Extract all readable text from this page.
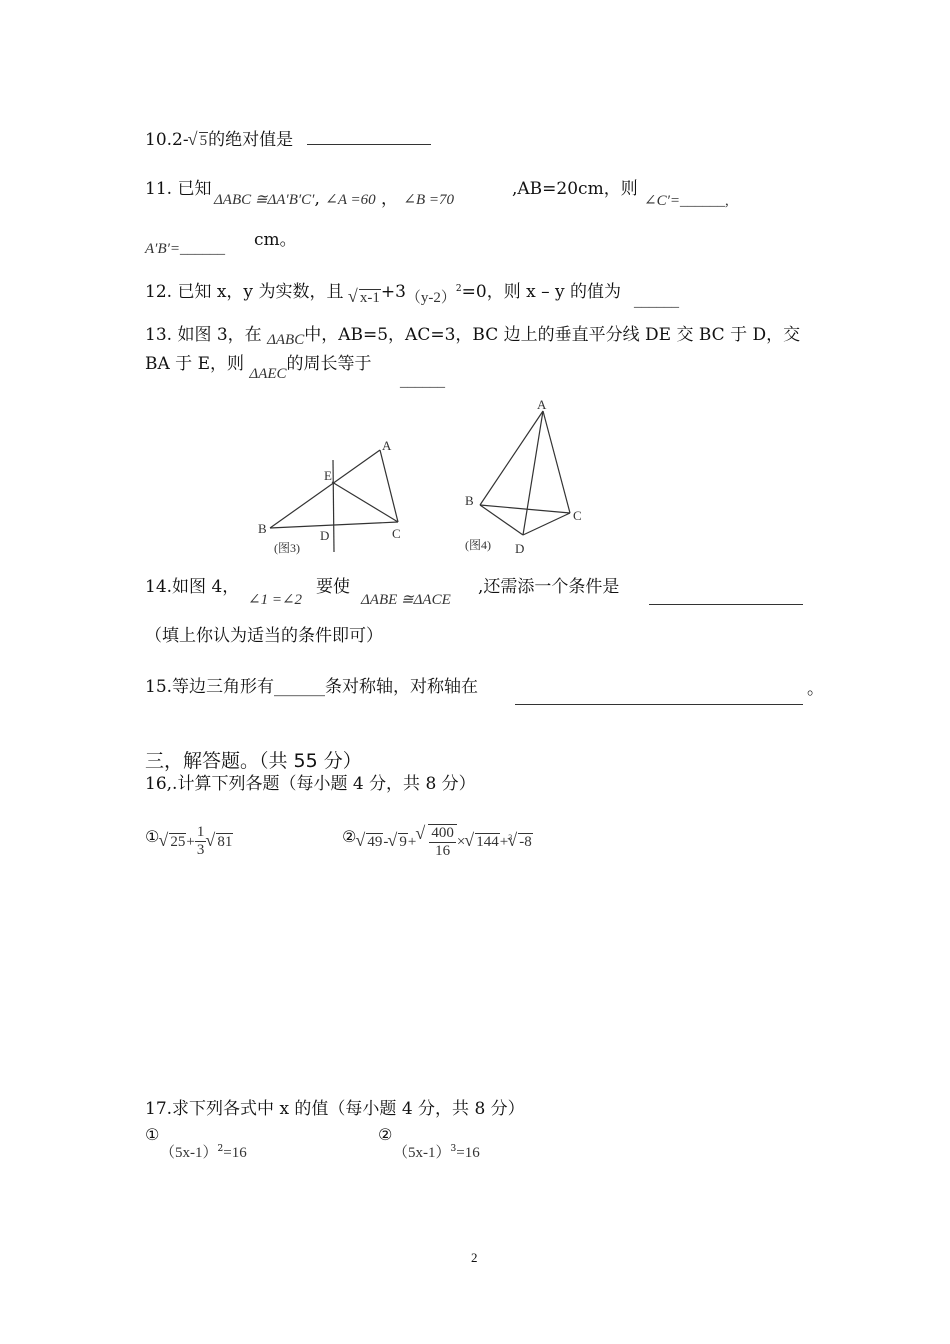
10.2- √ 5的绝对值是
11. 已知
ΔABC ≅ΔA′B′C′, ∠A =60 ， ∠B =70
,AB=20cm，则
∠C′=______,
A′B′=______ cm。
12. 已知 x，y 为实数，且 √ $x-1+3(y-2)^2=0$，则 x – y 的值为 ______
13. 如图 3，在 ΔABC中，AB=5，AC=3，BC 边上的垂直平分线 DE 交 BC 于 D，交
BA 于 E，则 ΔAEC的周长等于
______
A
E
B	D	C
(图3)
A
B
C
D
(图4)
14.如图 4，
∠1 =∠2
要使
ΔABE ≅ΔACE
,还需添一个条件是
（填上你认为适当的条件即可）
15.等边三角形有______条对称轴，对称轴在	。
三，解答题。（共 55 分）
16,.计算下列各题（每小题 4 分，共 8 分）
① √ $25+ \frac{1}{3}$ √ 81	② √ 49- √ 9+ √ $\frac{400}{16}$ × √ 144+3 √ -8
17.求下列各式中 x 的值（每小题 4 分，共 8 分）
①
$(5x-1)^2=16$
②
$(5x-1)^3=16$
2
